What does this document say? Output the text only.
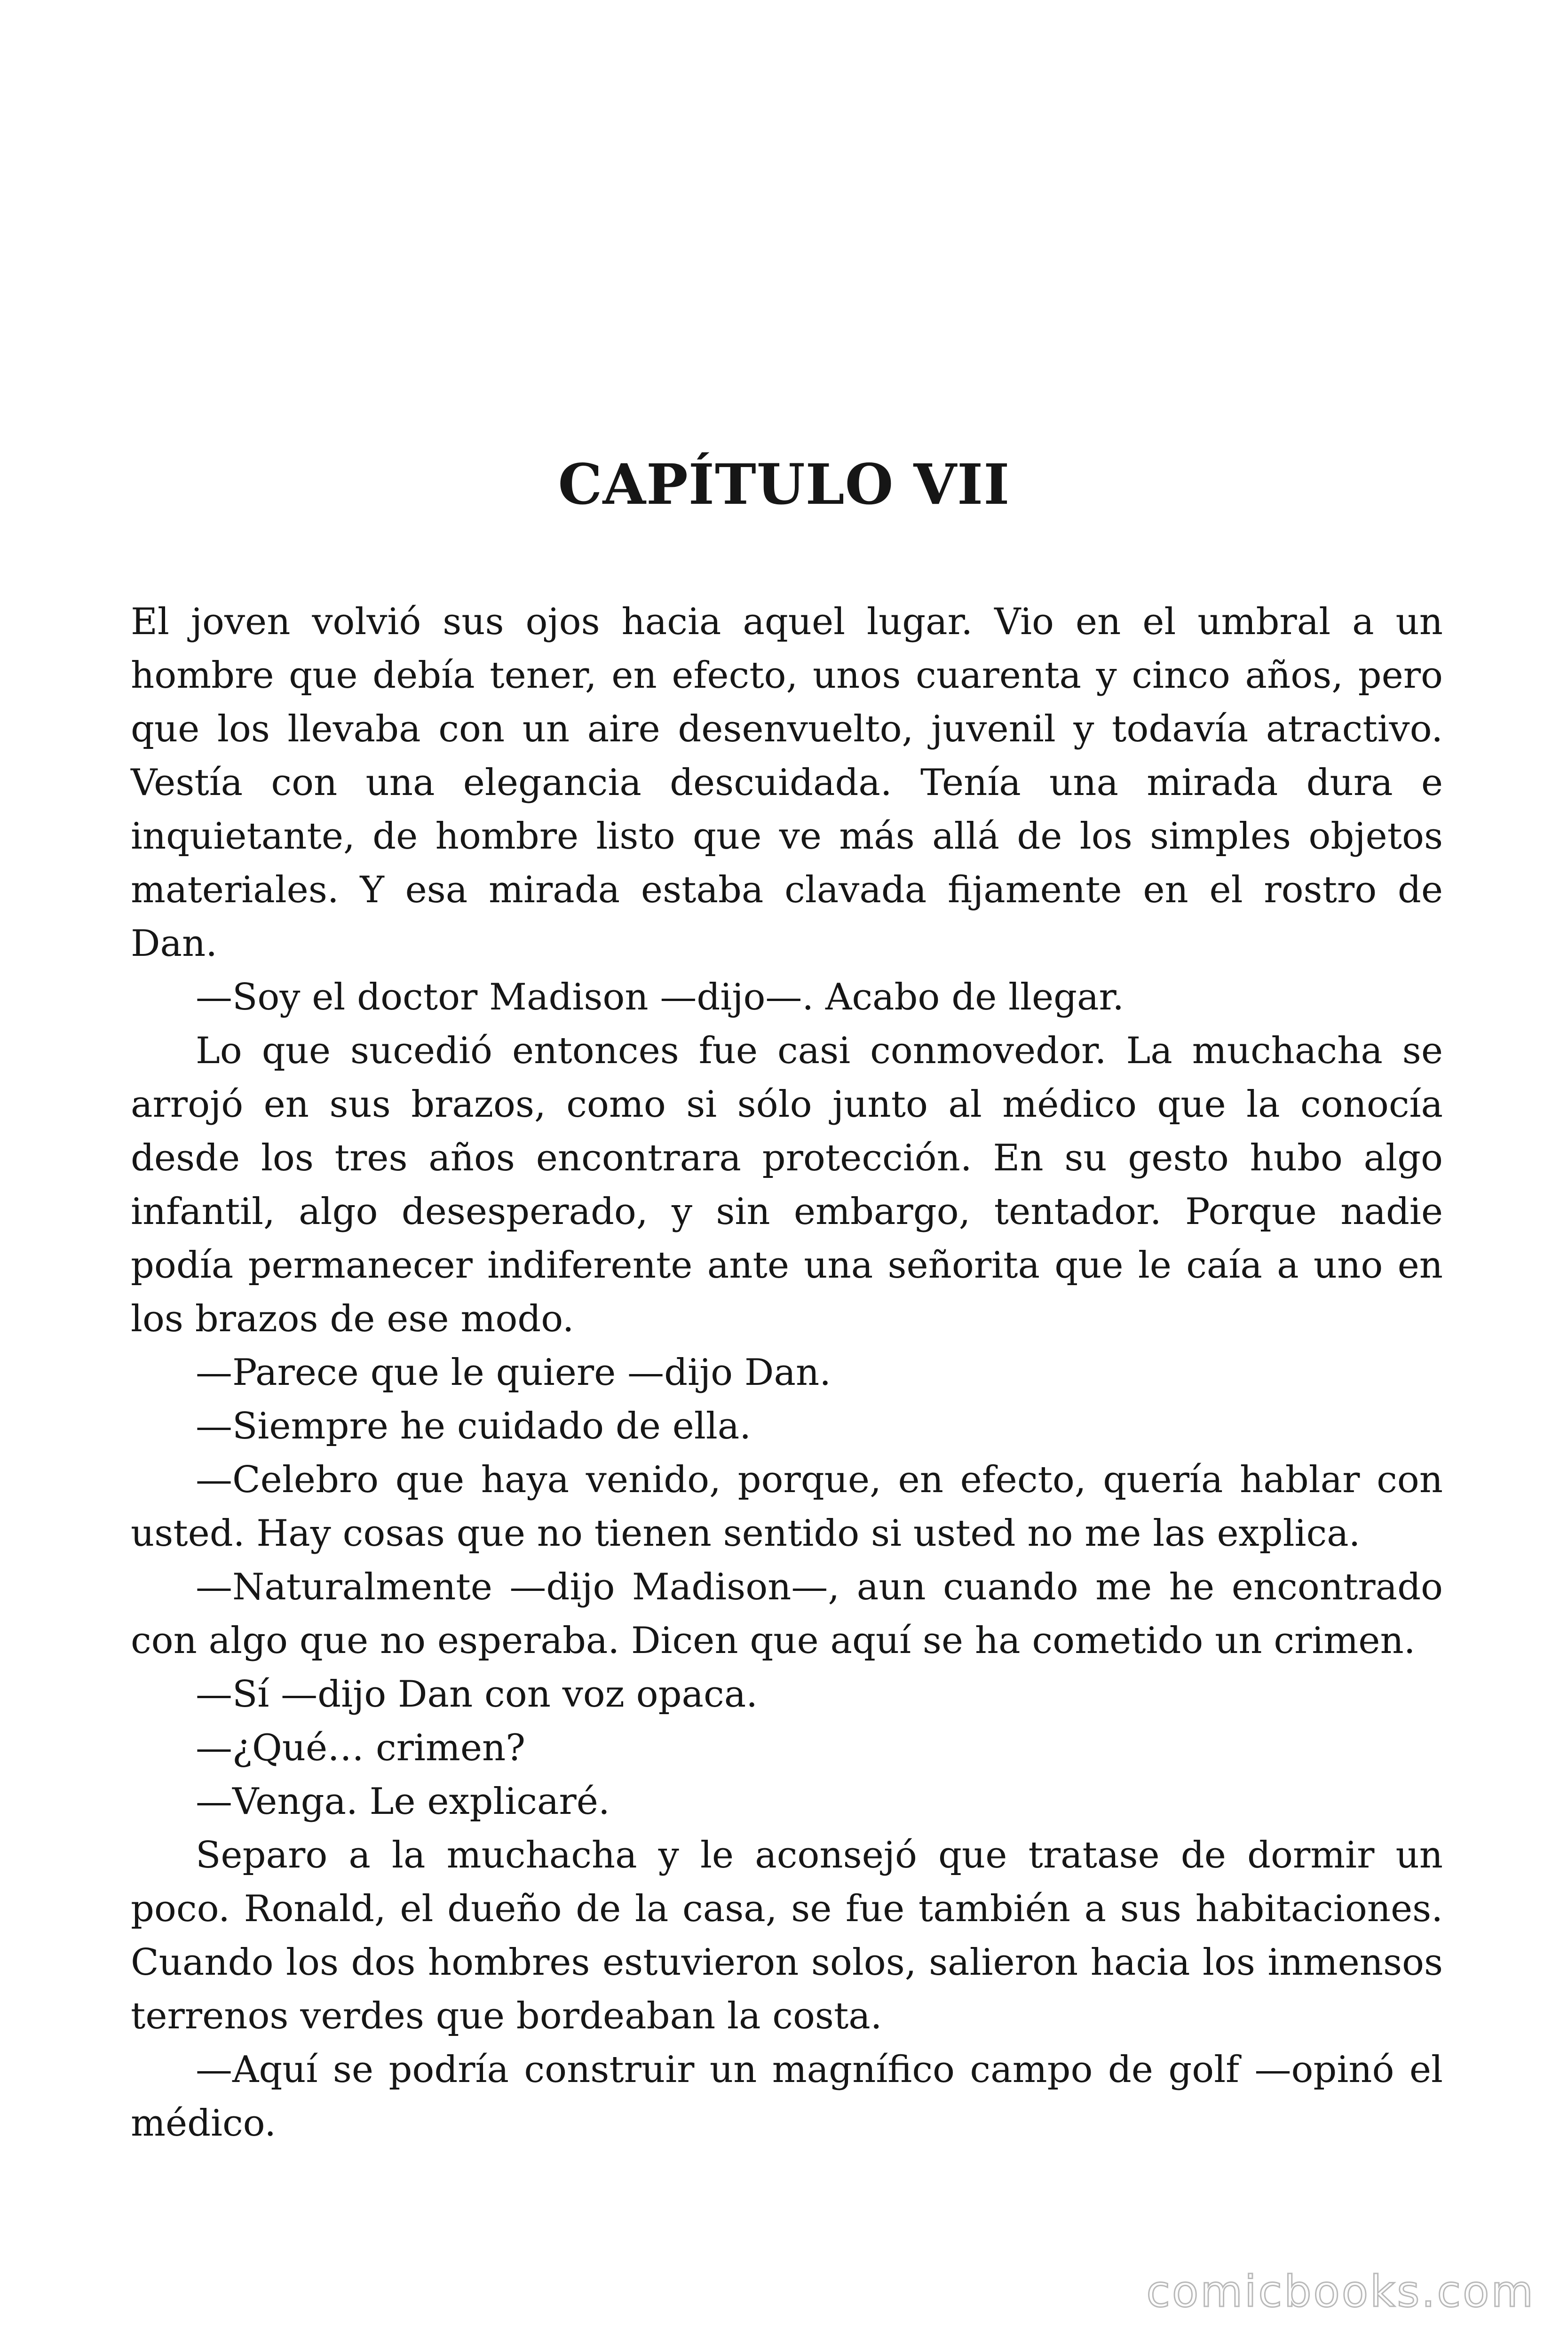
CAPÍTULO VII

El joven volvió sus ojos hacia aquel lugar. Vio en el umbral a un hombre que debía tener, en efecto, unos cuarenta y cinco años, pero que los llevaba con un aire desenvuelto, juvenil y todavía atractivo. Vestía con una elegancia descuidada. Tenía una mirada dura e inquietante, de hombre listo que ve más allá de los simples objetos materiales. Y esa mirada estaba clavada fijamente en el rostro de Dan.

—Soy el doctor Madison —dijo—. Acabo de llegar.

Lo que sucedió entonces fue casi conmovedor. La muchacha se arrojó en sus brazos, como si sólo junto al médico que la conocía desde los tres años encontrara protección. En su gesto hubo algo infantil, algo desesperado, y sin embargo, tentador. Porque nadie podía permanecer indiferente ante una señorita que le caía a uno en los brazos de ese modo.

—Parece que le quiere —dijo Dan.

—Siempre he cuidado de ella.

—Celebro que haya venido, porque, en efecto, quería hablar con usted. Hay cosas que no tienen sentido si usted no me las explica.

—Naturalmente —dijo Madison—, aun cuando me he encontrado con algo que no esperaba. Dicen que aquí se ha cometido un crimen.

—Sí —dijo Dan con voz opaca.

—¿Qué… crimen?

—Venga. Le explicaré.

Separo a la muchacha y le aconsejó que tratase de dormir un poco. Ronald, el dueño de la casa, se fue también a sus habitaciones. Cuando los dos hombres estuvieron solos, salieron hacia los inmensos terrenos verdes que bordeaban la costa.

—Aquí se podría construir un magnífico campo de golf —opinó el médico.

comicbooks.com
